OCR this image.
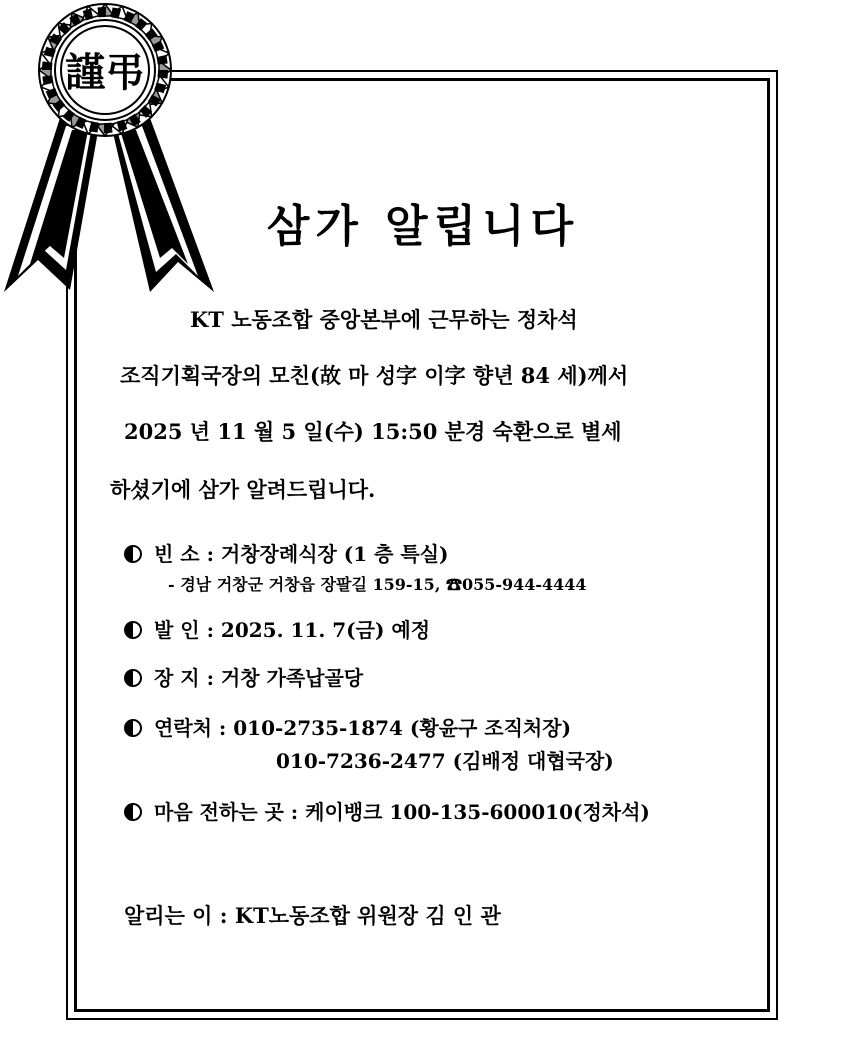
謹弔
삼가 알립니다
KT 노동조합 중앙본부에 근무하는 정차석
조직기획국장의 모친(故 마 성字 이字 향년 84 세)께서
2025 년 11 월 5 일(수) 15:50 분경 숙환으로 별세
하셨기에 삼가 알려드립니다.
빈 소 : 거창장례식장 (1 층 특실)
- 경남 거창군 거창읍 장팔길 159-15, ☎055-944-4444
발 인 : 2025. 11. 7(금) 예정
장 지 : 거창 가족납골당
연락처 : 010-2735-1874 (황윤구 조직처장)
010-7236-2477 (김배정 대협국장)
마음 전하는 곳 : 케이뱅크 100-135-600010(정차석)
알리는 이 : KT노동조합 위원장 김 인 관
